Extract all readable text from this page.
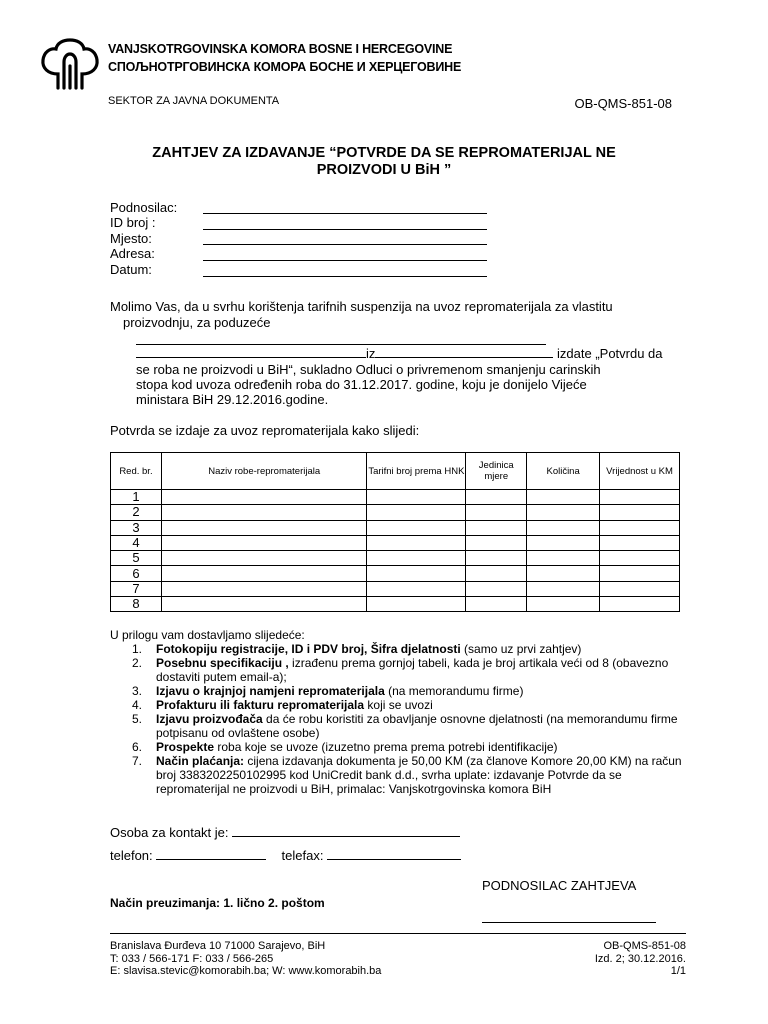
VANJSKOTRGOVINSKA KOMORA BOSNE I HERCEGOVINE
СПОЉНОТРГОВИНСКА КОМОРА БОСНЕ И ХЕРЦЕГОВИНЕ
SEKTOR ZA JAVNA DOKUMENTA	OB-QMS-851-08
ZAHTJEV ZA IZDAVANJE “POTVRDE DA SE REPROMATERIJAL NE
PROIZVODI U BiH ”
Podnosilac:
ID broj :
Mjesto:
Adresa:
Datum:
Molimo Vas, da u svrhu korištenja tarifnih suspenzija na uvoz repromaterijala za vlastitu
proizvodnju, za poduzeće
iz	izdate „Potvrdu da
se roba ne proizvodi u BiH“, sukladno Odluci o privremenom smanjenju carinskih
stopa kod uvoza određenih roba do 31.12.2017. godine, koju je donijelo Vijeće
ministara BiH 29.12.2016.godine.
Potvrda se izdaje za uvoz repromaterijala kako slijedi:
Red. br.	Naziv robe-repromaterijala	Tarifni broj prema HNK	Jedinica mjere	Količina	Vrijednost u KM
1					
2					
3					
4					
5					
6					
7					
8					
U prilogu vam dostavljamo slijedeće:
1. Fotokopiju registracije, ID i PDV broj, Šifra djelatnosti (samo uz prvi zahtjev)
2. Posebnu specifikaciju , izrađenu prema gornjoj tabeli, kada je broj artikala veći od 8 (obavezno dostaviti putem email-a);
3. Izjavu o krajnjoj namjeni repromaterijala (na memorandumu firme)
4. Profakturu ili fakturu repromaterijala koji se uvozi
5. Izjavu proizvođača da će robu koristiti za obavljanje osnovne djelatnosti (na memorandumu firme potpisanu od ovlaštene osobe)
6. Prospekte roba koje se uvoze (izuzetno prema prema potrebi identifikacije)
7. Način plaćanja: cijena izdavanja dokumenta je 50,00 KM (za članove Komore 20,00 KM) na račun broj 3383202250102995 kod UniCredit bank d.d., svrha uplate: izdavanje Potvrde da se repromaterijal ne proizvodi u BiH, primalac: Vanjskotrgovinska komora BiH
Osoba za kontakt je:
telefon:	telefax:
PODNOSILAC ZAHTJEVA
Način preuzimanja: 1. lično 2. poštom
Branislava Đurđeva 10 71000 Sarajevo, BiH
T: 033 / 566-171 F: 033 / 566-265
E: slavisa.stevic@komorabih.ba; W: www.komorabih.ba
OB-QMS-851-08
Izd. 2; 30.12.2016.
1/1
